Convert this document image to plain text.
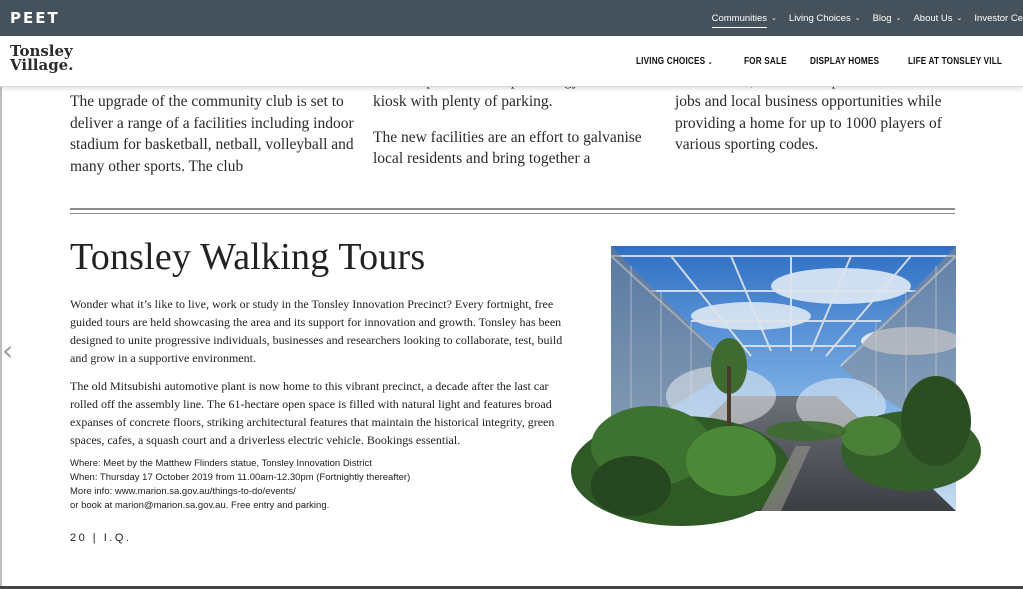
PEET	Communities ⌄ Living Choices ⌄ Blog ⌄ About Us ⌄ Investor Ce
Tonsley
Village.	LIVING CHOICES ⌄	FOR SALE DISPLAY HOMES	LIFE AT TONSLEY VILL
‹
The upgrade of the community club is set to deliver a range of a facilities including indoor stadium for basketball, netball, volleyball and many other sports. The club
kiosk with plenty of parking.
The new facilities are an effort to galvanise local residents and bring together a
jobs and local business opportunities while providing a home for up to 1000 players of various sporting codes.
Tonsley Walking Tours

Wonder what it’s like to live, work or study in the Tonsley Innovation Precinct? Every fortnight, free guided tours are held showcasing the area and its support for innovation and growth. Tonsley has been designed to unite progressive individuals, businesses and researchers looking to collaborate, test, build and grow in a supportive environment.

The old Mitsubishi automotive plant is now home to this vibrant precinct, a decade after the last car rolled off the assembly line. The 61-hectare open space is filled with natural light and features broad expanses of concrete floors, striking architectural features that maintain the historical integrity, green spaces, cafes, a squash court and a driverless electric vehicle. Bookings essential.

Where: Meet by the Matthew Flinders statue, Tonsley Innovation District
When: Thursday 17 October 2019 from 11.00am-12.30pm (Fortnightly thereafter)
More info: www.marion.sa.gov.au/things-to-do/events/
or book at marion@marion.sa.gov.au. Free entry and parking.
20 | I.Q.
